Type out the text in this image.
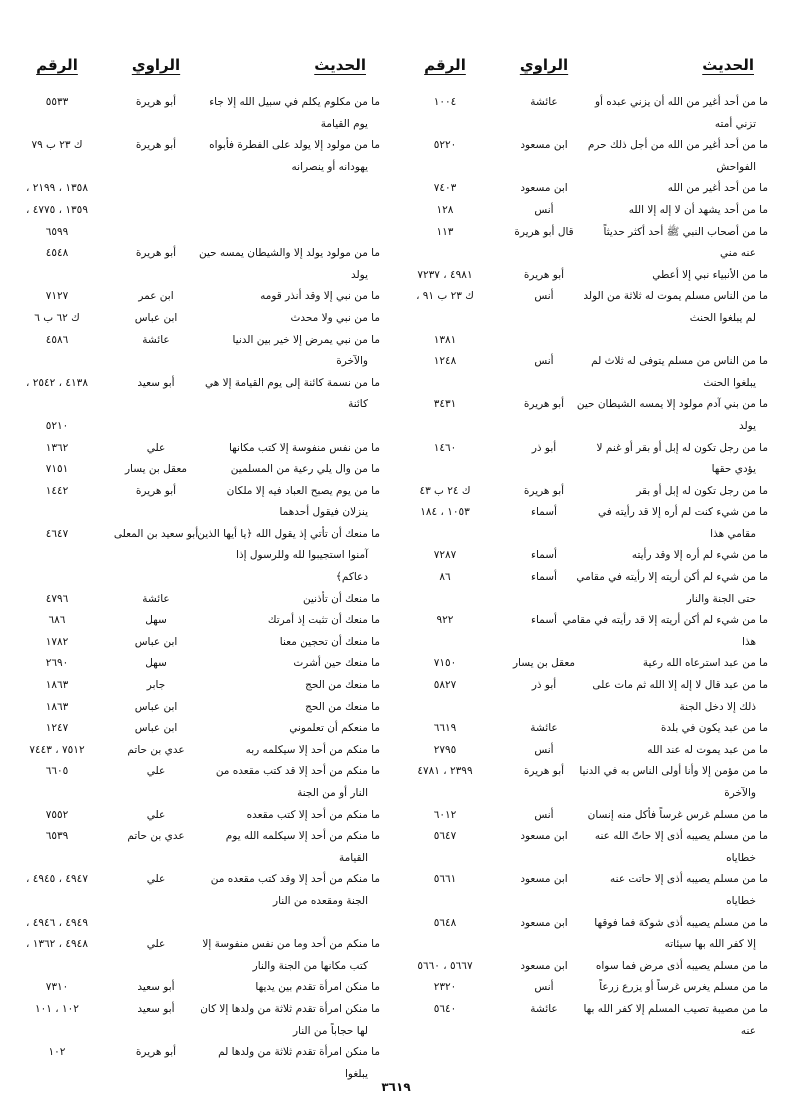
الحديث
الراوي
الرقم
ما من أحد أغير من الله أن يزني عبده أو
تزني أمته
عائشة
١٠٠٤
ما من أحد أغير من الله من أجل ذلك حرم
الفواحش
ابن مسعود
٥٢٢٠
ما من أحد أغير من الله
ابن مسعود
٧٤٠٣
ما من أحد يشهد أن لا إله إلا الله
أنس
١٢٨
ما من أصحاب النبي ﷺ أحد أكثر حديثاً
عنه مني
قال أبو هريرة
١١٣
ما من الأنبياء نبي إلا أعطي
أبو هريرة
٤٩٨١ ، ٧٢٣٧
ما من الناس مسلم يموت له ثلاثة من الولد
لم يبلغوا الحنث
أنس
ك ٢٣ ب ٩١ ،
١٣٨١
ما من الناس من مسلم يتوفى له ثلاث لم
يبلغوا الحنث
أنس
١٢٤٨
ما من بني آدم مولود إلا يمسه الشيطان حين
يولد
أبو هريرة
٣٤٣١
ما من رجل تكون له إبل أو بقر أو غنم لا
يؤدي حقها
أبو ذر
١٤٦٠
ما من رجل تكون له إبل أو بقر
أبو هريرة
ك ٢٤ ب ٤٣
ما من شيء كنت لم أره إلا قد رأيته في
مقامي هذا
أسماء
١٠٥٣ ، ١٨٤
ما من شيء لم أره إلا وقد رأيته
أسماء
٧٢٨٧
ما من شيء لم أكن أريته إلا رأيته في مقامي
حتى الجنة والنار
أسماء
٨٦
ما من شيء لم أكن أريته إلا قد رأيته في مقامي
هذا
أسماء
٩٢٢
ما من عبد استرعاه الله رعية
معقل بن يسار
٧١٥٠
ما من عبد قال لا إله إلا الله ثم مات على
ذلك إلا دخل الجنة
أبو ذر
٥٨٢٧
ما من عبد يكون في بلدة
عائشة
٦٦١٩
ما من عبد يموت له عند الله
أنس
٢٧٩٥
ما من مؤمن إلا وأنا أولى الناس به في الدنيا
والآخرة
أبو هريرة
٢٣٩٩ ، ٤٧٨١
ما من مسلم غرس غرساً فأكل منه إنسان
أنس
٦٠١٢
ما من مسلم يصيبه أذى إلا حاتّ الله عنه
خطاياه
ابن مسعود
٥٦٤٧
ما من مسلم يصيبه أذى إلا حاتت عنه
خطاياه
ابن مسعود
٥٦٦١
ما من مسلم يصيبه أذى شوكة فما فوقها
إلا كفر الله بها سيئاته
ابن مسعود
٥٦٤٨
ما من مسلم يصيبه أذى مرض فما سواه
ابن مسعود
٥٦٦٧ ، ٥٦٦٠
ما من مسلم يغرس غرساً أو يزرع زرعاً
أنس
٢٣٢٠
ما من مصيبة تصيب المسلم إلا كفر الله بها
عنه
عائشة
٥٦٤٠
الحديث
الراوي
الرقم
ما من مكلوم يكلم في سبيل الله إلا جاء
يوم القيامة
أبو هريرة
٥٥٣٣
ما من مولود إلا يولد على الفطرة فأبواه
يهودانه أو ينصرانه
أبو هريرة
ك ٢٣ ب ٧٩
١٣٥٨ ، ٢١٩٩ ،
١٣٥٩ ، ٤٧٧٥ ،
٦٥٩٩
ما من مولود يولد إلا والشيطان يمسه حين
يولد
أبو هريرة
٤٥٤٨
ما من نبي إلا وقد أنذر قومه
ابن عمر
٧١٢٧
ما من نبي ولا محدث
ابن عباس
ك ٦٢ ب ٦
ما من نبي يمرض إلا خير بين الدنيا
والآخرة
عائشة
٤٥٨٦
ما من نسمة كائنة إلى يوم القيامة إلا هي
كائنة
أبو سعيد
٤١٣٨ ، ٢٥٤٢ ،
٥٢١٠
ما من نفس منفوسة إلا كتب مكانها
علي
١٣٦٢
ما من وال يلي رعية من المسلمين
معقل بن يسار
٧١٥١
ما من يوم يصبح العباد فيه إلا ملكان
ينزلان فيقول أحدهما
أبو هريرة
١٤٤٢
ما منعك أن تأتي إذ يقول الله ﴿يا أيها الذين
آمنوا استجيبوا لله وللرسول إذا
دعاكم﴾
أبو سعيد بن المعلى
٤٦٤٧
ما منعك أن تأذنين
عائشة
٤٧٩٦
ما منعك أن تثبت إذ أمرتك
سهل
٦٨٦
ما منعك أن تحجين معنا
ابن عباس
١٧٨٢
ما منعك حين أشرت
سهل
٢٦٩٠
ما منعك من الحج
جابر
١٨٦٣
ما منعك من الحج
ابن عباس
١٨٦٣
ما منعكم أن تعلموني
ابن عباس
١٢٤٧
ما منكم من أحد إلا سيكلمه ربه
عدي بن حاتم
٧٥١٢ ، ٧٤٤٣
ما منكم من أحد إلا قد كتب مقعده من
النار أو من الجنة
علي
٦٦٠٥
ما منكم من أحد إلا كتب مقعده
علي
٧٥٥٢
ما منكم من أحد إلا سيكلمه الله يوم
القيامة
عدي بن حاتم
٦٥٣٩
ما منكم من أحد إلا وقد كتب مقعده من
الجنة ومقعده من النار
علي
٤٩٤٧ ، ٤٩٤٥ ،
٤٩٤٩ ، ٤٩٤٦ ،
ما منكم من أحد وما من نفس منفوسة إلا
كتب مكانها من الجنة والنار
علي
٤٩٤٨ ، ١٣٦٢ ،
ما منكن امرأة تقدم بين يديها
أبو سعيد
٧٣١٠
ما منكن امرأة تقدم ثلاثة من ولدها إلا كان
لها حجاباً من النار
أبو سعيد
١٠٢ ، ١٠١
ما منكن امرأة تقدم ثلاثة من ولدها لم
يبلغوا
أبو هريرة
١٠٢
٣٦١٩
